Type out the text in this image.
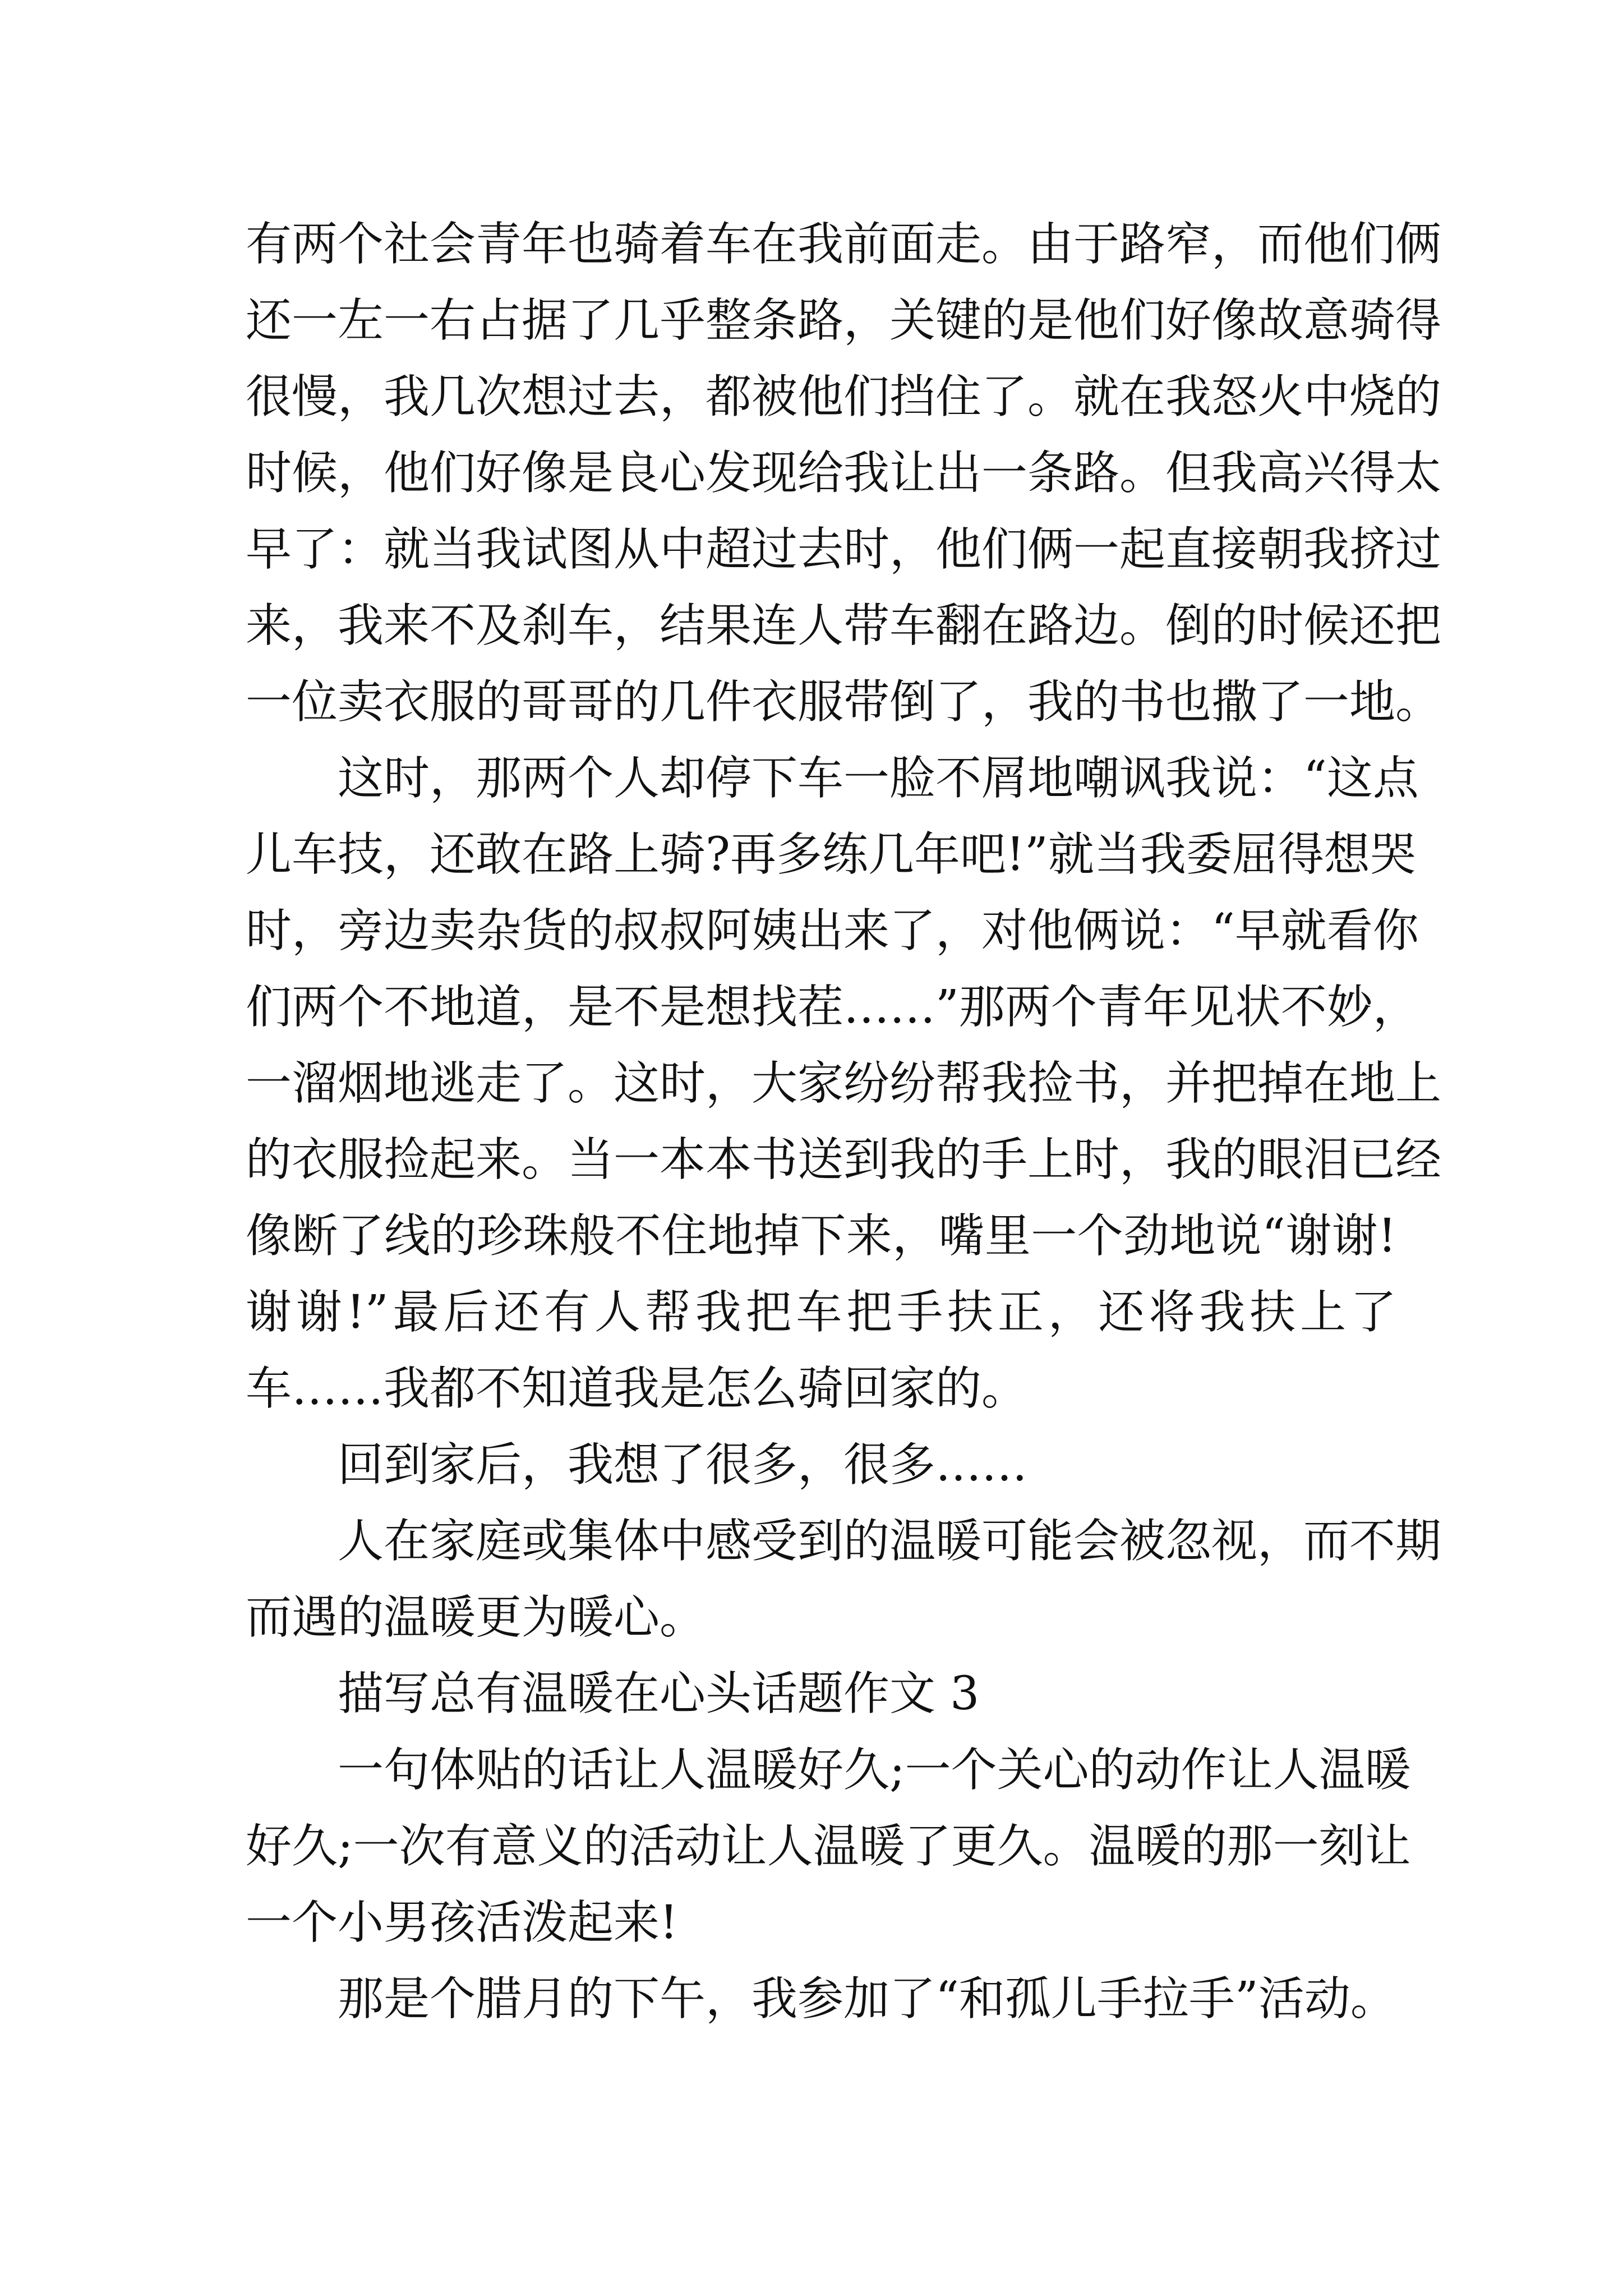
有两个社会青年也骑着车在我前面走。由于路窄，而他们俩
还一左一右占据了几乎整条路，关键的是他们好像故意骑得
很慢，我几次想过去，都被他们挡住了。就在我怒火中烧的
时候，他们好像是良心发现给我让出一条路。但我高兴得太
早了：就当我试图从中超过去时，他们俩一起直接朝我挤过
来，我来不及刹车，结果连人带车翻在路边。倒的时候还把
一位卖衣服的哥哥的几件衣服带倒了，我的书也撒了一地。

这时，那两个人却停下车一脸不屑地嘲讽我说：“这点
儿车技，还敢在路上骑?再多练几年吧!”就当我委屈得想哭
时，旁边卖杂货的叔叔阿姨出来了，对他俩说：“早就看你
们两个不地道，是不是想找茬……”那两个青年见状不妙，
一溜烟地逃走了。这时，大家纷纷帮我捡书，并把掉在地上
的衣服捡起来。当一本本书送到我的手上时，我的眼泪已经
像断了线的珍珠般不住地掉下来，嘴里一个劲地说“谢谢!
谢谢!”最后还有人帮我把车把手扶正，还将我扶上了
车……我都不知道我是怎么骑回家的。

回到家后，我想了很多，很多……

人在家庭或集体中感受到的温暖可能会被忽视，而不期
而遇的温暖更为暖心。

描写总有温暖在心头话题作文 3

一句体贴的话让人温暖好久;一个关心的动作让人温暖
好久;一次有意义的活动让人温暖了更久。温暖的那一刻让
一个小男孩活泼起来!

那是个腊月的下午，我参加了“和孤儿手拉手”活动。
